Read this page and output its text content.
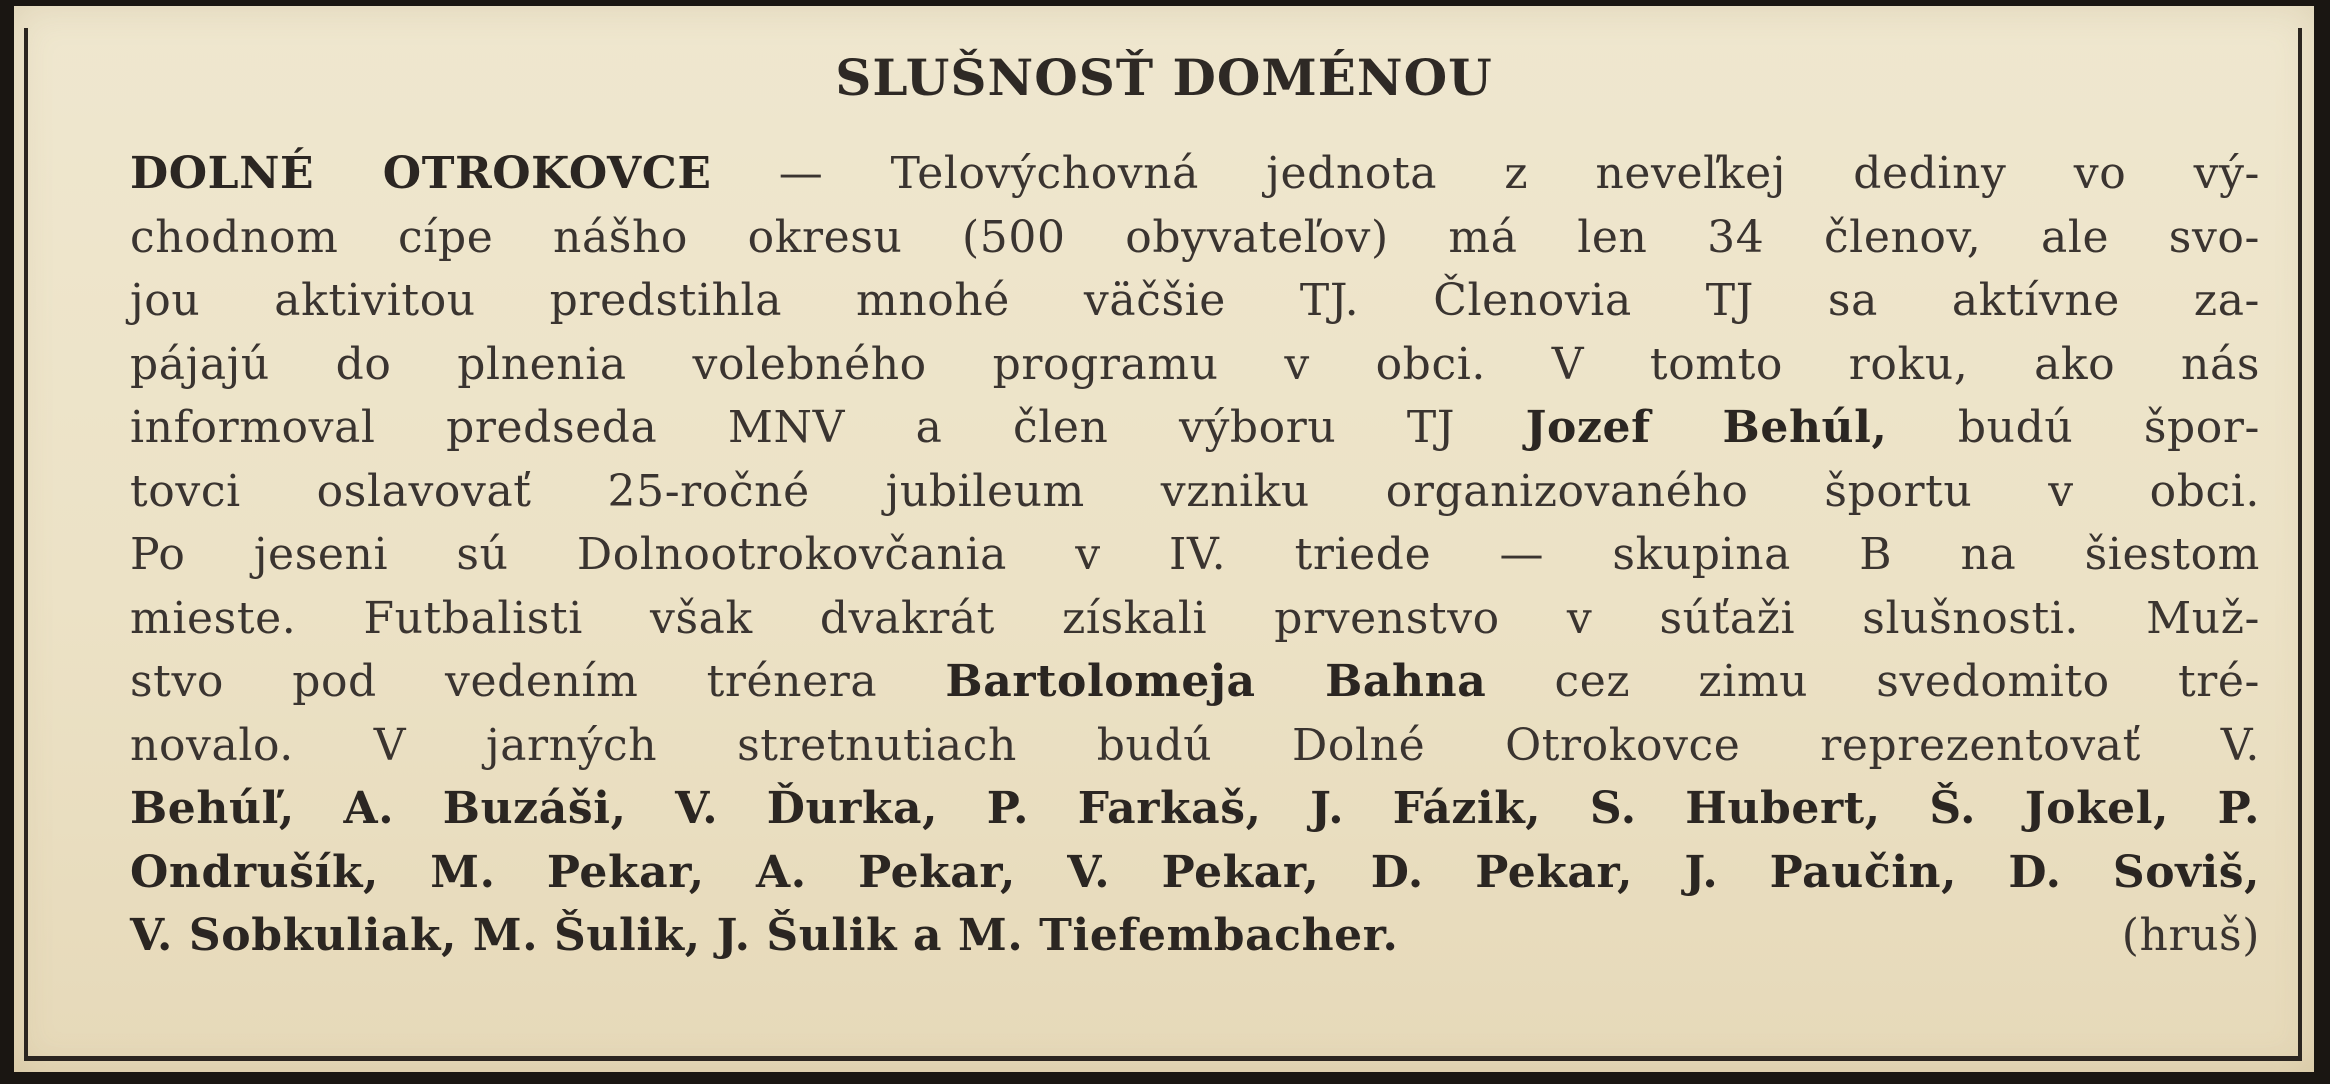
SLUŠNOSŤ DOMÉNOU
DOLNÉ OTROKOVCE — Telovýchovná jednota z neveľkej dediny vo vý-
chodnom cípe nášho okresu (500 obyvateľov) má len 34 členov, ale svo-
jou aktivitou predstihla mnohé väčšie TJ. Členovia TJ sa aktívne za-
pájajú do plnenia volebného programu v obci. V tomto roku, ako nás
informoval predseda MNV a člen výboru TJ Jozef Behúl, budú špor-
tovci oslavovať 25-ročné jubileum vzniku organizovaného športu v obci.
Po jeseni sú Dolnootrokovčania v IV. triede — skupina B na šiestom
mieste. Futbalisti však dvakrát získali prvenstvo v súťaži slušnosti. Muž-
stvo pod vedením trénera Bartolomeja Bahna cez zimu svedomito tré-
novalo. V jarných stretnutiach budú Dolné Otrokovce reprezentovať V.
Behúľ, A. Buzáši, V. Ďurka, P. Farkaš, J. Fázik, S. Hubert, Š. Jokel, P.
Ondrušík, M. Pekar, A. Pekar, V. Pekar, D. Pekar, J. Paučin, D. Soviš,
V. Sobkuliak, M. Šulik, J. Šulik a M. Tiefembacher.	(hruš)
